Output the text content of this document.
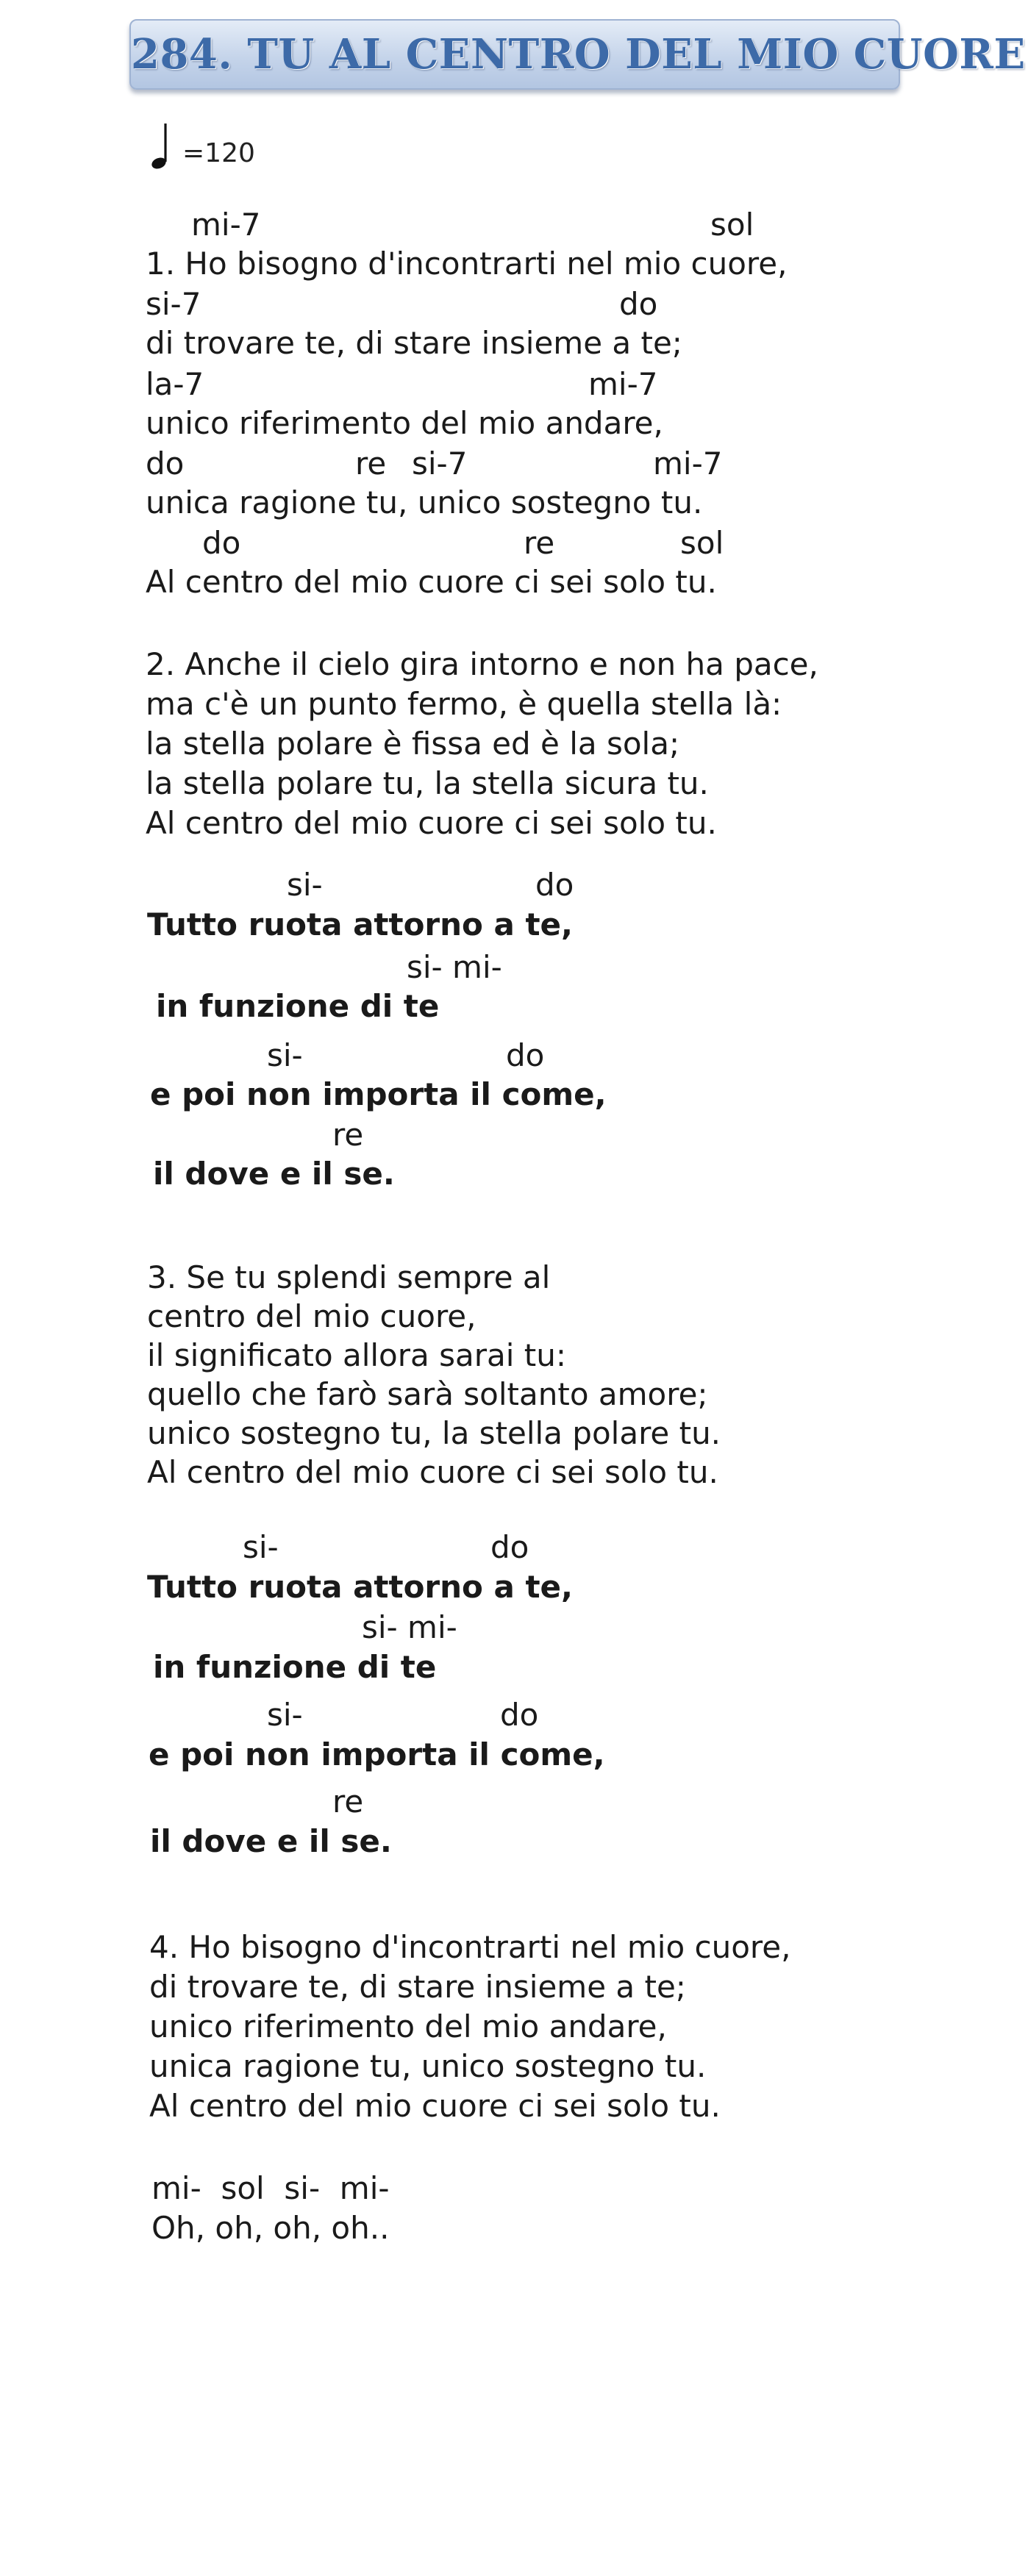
284. TU AL CENTRO DEL MIO CUORE
=120
mi-7	sol
1. Ho bisogno d'incontrarti nel mio cuore,
si-7	do
di trovare te, di stare insieme a te;
la-7	mi-7
unico riferimento del mio andare,
do	re si-7	mi-7
unica ragione tu, unico sostegno tu.
do	re	sol
Al centro del mio cuore ci sei solo tu.
2. Anche il cielo gira intorno e non ha pace,
ma c'è un punto fermo, è quella stella là:
la stella polare è fissa ed è la sola;
la stella polare tu, la stella sicura tu.
Al centro del mio cuore ci sei solo tu.
si-	do
Tutto ruota attorno a te,
si- mi-
in funzione di te
si-	do
e poi non importa il come,
re
il dove e il se.
3. Se tu splendi sempre al
centro del mio cuore,
il significato allora sarai tu:
quello che farò sarà soltanto amore;
unico sostegno tu, la stella polare tu.
Al centro del mio cuore ci sei solo tu.
si-	do
Tutto ruota attorno a te,
si- mi-
in funzione di te
si-	do
e poi non importa il come,
re
il dove e il se.
4. Ho bisogno d'incontrarti nel mio cuore,
di trovare te, di stare insieme a te;
unico riferimento del mio andare,
unica ragione tu, unico sostegno tu.
Al centro del mio cuore ci sei solo tu.
mi-  sol  si-  mi-
Oh, oh, oh, oh..
